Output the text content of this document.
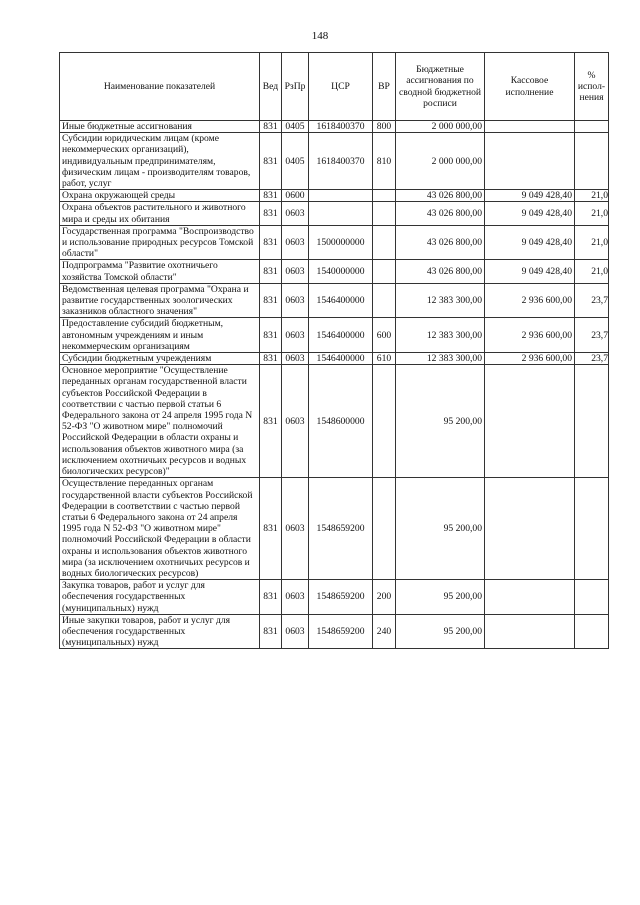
148
Наименование показателей	Вед	РзПр	ЦСР	ВР	Бюджетные ассигнования по сводной бюджетной росписи	Кассовое исполнение	% испол-нения
Иные бюджетные ассигнования	831	0405	1618400370	800	2 000 000,00		
Субсидии юридическим лицам (кроме некоммерческих организаций), индивидуальным предпринимателям, физическим лицам - производителям товаров, работ, услуг	831	0405	1618400370	810	2 000 000,00		
Охрана окружающей среды	831	0600			43 026 800,00	9 049 428,40	21,0
Охрана объектов растительного и животного мира и среды их обитания	831	0603			43 026 800,00	9 049 428,40	21,0
Государственная программа "Воспроизводство и использование природных ресурсов Томской области"	831	0603	1500000000		43 026 800,00	9 049 428,40	21,0
Подпрограмма "Развитие охотничьего хозяйства Томской области"	831	0603	1540000000		43 026 800,00	9 049 428,40	21,0
Ведомственная целевая программа "Охрана и развитие государственных зоологических заказников областного значения"	831	0603	1546400000		12 383 300,00	2 936 600,00	23,7
Предоставление субсидий бюджетным, автономным учреждениям и иным некоммерческим организациям	831	0603	1546400000	600	12 383 300,00	2 936 600,00	23,7
Субсидии бюджетным учреждениям	831	0603	1546400000	610	12 383 300,00	2 936 600,00	23,7
Основное мероприятие "Осуществление переданных органам государственной власти субъектов Российской Федерации в соответствии с частью первой статьи 6 Федерального закона от 24 апреля 1995 года N 52-ФЗ "О животном мире" полномочий Российской Федерации в области охраны и использования объектов животного мира (за исключением охотничьих ресурсов и водных биологических ресурсов)"	831	0603	1548600000		95 200,00		
Осуществление переданных органам государственной власти субъектов Российской Федерации в соответствии с частью первой статьи 6 Федерального закона от 24 апреля 1995 года N 52-ФЗ "О животном мире" полномочий Российской Федерации в области охраны и использования объектов животного мира (за исключением охотничьих ресурсов и водных биологических ресурсов)	831	0603	1548659200		95 200,00		
Закупка товаров, работ и услуг для обеспечения государственных (муниципальных) нужд	831	0603	1548659200	200	95 200,00		
Иные закупки товаров, работ и услуг для обеспечения государственных (муниципальных) нужд	831	0603	1548659200	240	95 200,00		
